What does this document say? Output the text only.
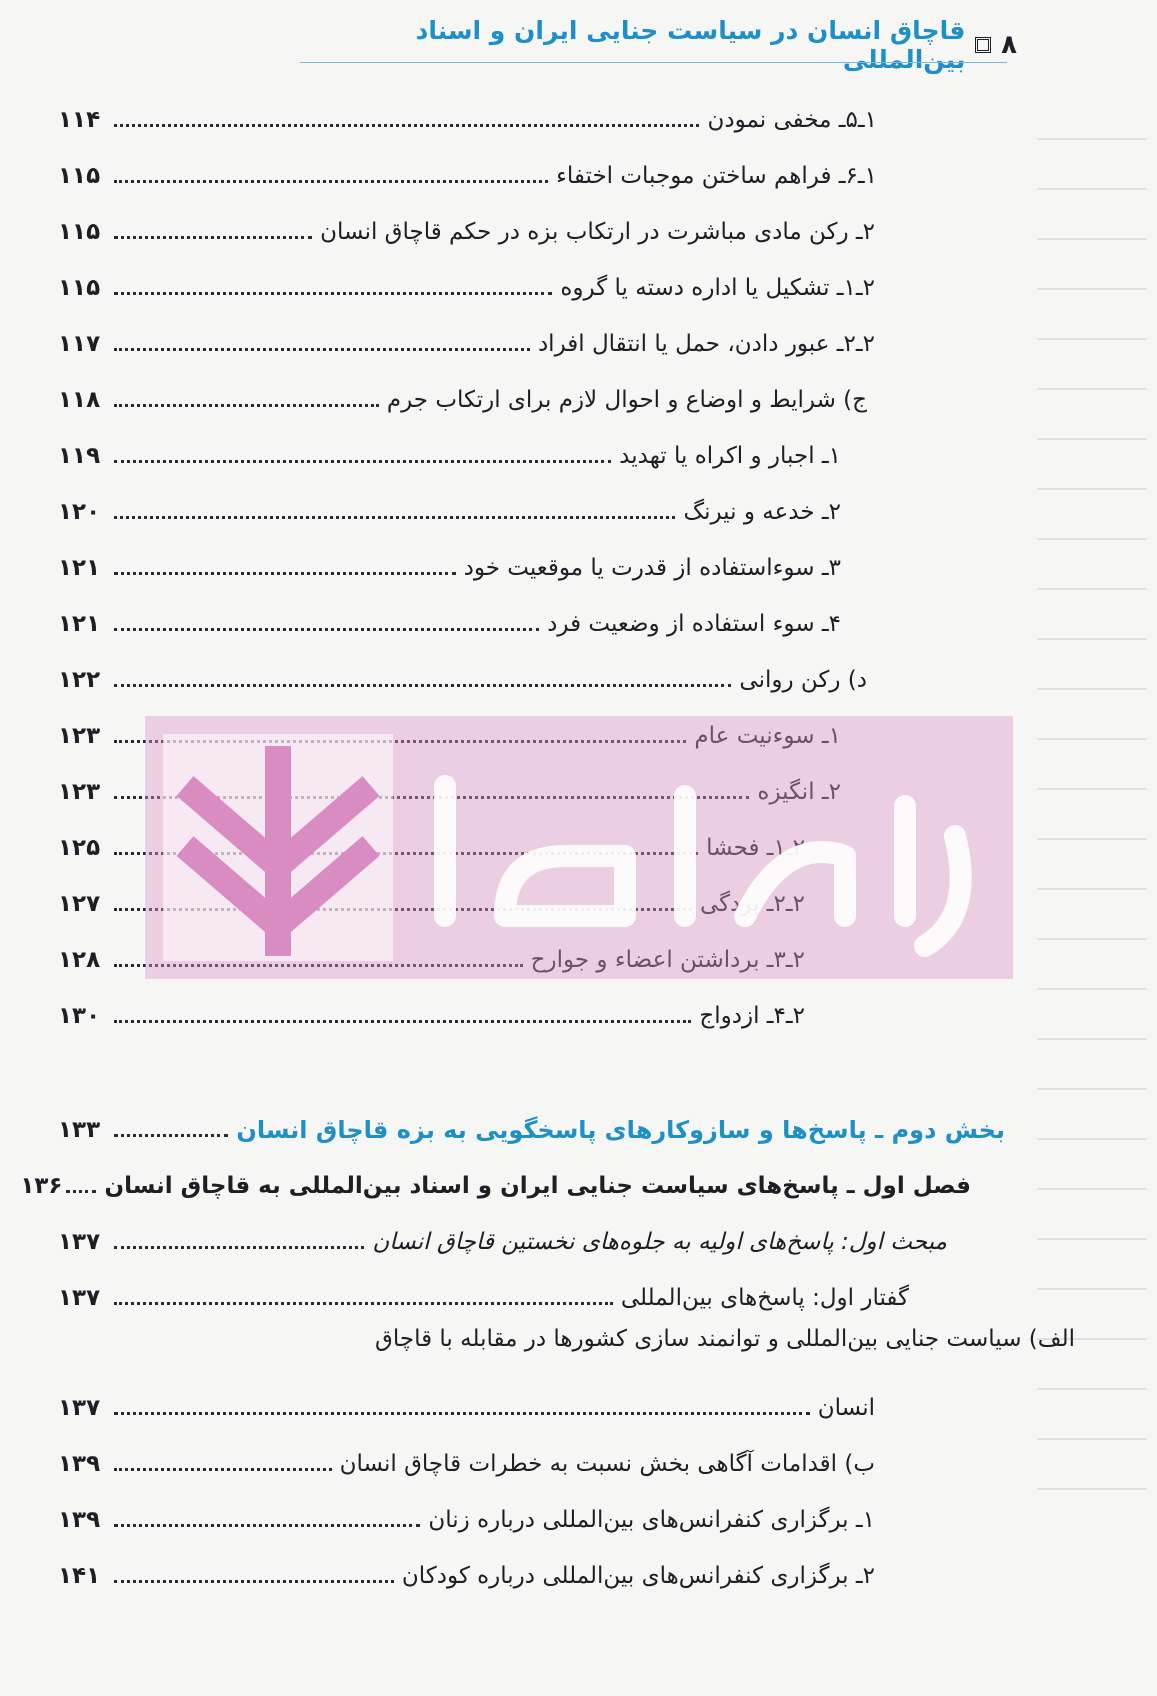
۸
قاچاق انسان در سیاست جنایی ایران و اسناد بین‌المللی
۱ـ۵ـ مخفی نمودن
۱۱۴
۱ـ۶ـ فراهم ساختن موجبات اختفاء
۱۱۵
۲ـ رکن مادی مباشرت در ارتکاب بزه در حکم قاچاق انسان
۱۱۵
۲ـ۱ـ تشکیل یا اداره دسته یا گروه
۱۱۵
۲ـ۲ـ عبور دادن، حمل یا انتقال افراد
۱۱۷
ج) شرایط و اوضاع و احوال لازم برای ارتکاب جرم
۱۱۸
۱ـ اجبار و اکراه یا تهدید
۱۱۹
۲ـ خدعه و نیرنگ
۱۲۰
۳ـ سوءاستفاده از قدرت یا موقعیت خود
۱۲۱
۴ـ سوء استفاده از وضعیت فرد
۱۲۱
د) رکن روانی
۱۲۲
۱ـ سوءنیت عام
۱۲۳
۲ـ انگیزه
۱۲۳
۲ـ۱ـ فحشا
۱۲۵
۲ـ۲ـ بردگی
۱۲۷
۲ـ۳ـ برداشتن اعضاء و جوارح
۱۲۸
۲ـ۴ـ ازدواج
۱۳۰
بخش دوم ـ پاسخ‌ها و سازوکارهای پاسخگویی به بزه قاچاق انسان
۱۳۳
فصل اول ـ پاسخ‌های سیاست جنایی ایران و اسناد بین‌المللی به قاچاق انسان
۱۳۶
مبحث اول: پاسخ‌های اولیه به جلوه‌های نخستین قاچاق انسان
۱۳۷
گفتار اول: پاسخ‌های بین‌المللی
۱۳۷
الف) سیاست جنایی بین‌المللی و توانمند سازی کشورها در مقابله با قاچاق
انسان
۱۳۷
ب) اقدامات آگاهی بخش نسبت به خطرات قاچاق انسان
۱۳۹
۱ـ برگزاری کنفرانس‌های بین‌المللی درباره زنان
۱۳۹
۲ـ برگزاری کنفرانس‌های بین‌المللی درباره کودکان
۱۴۱
